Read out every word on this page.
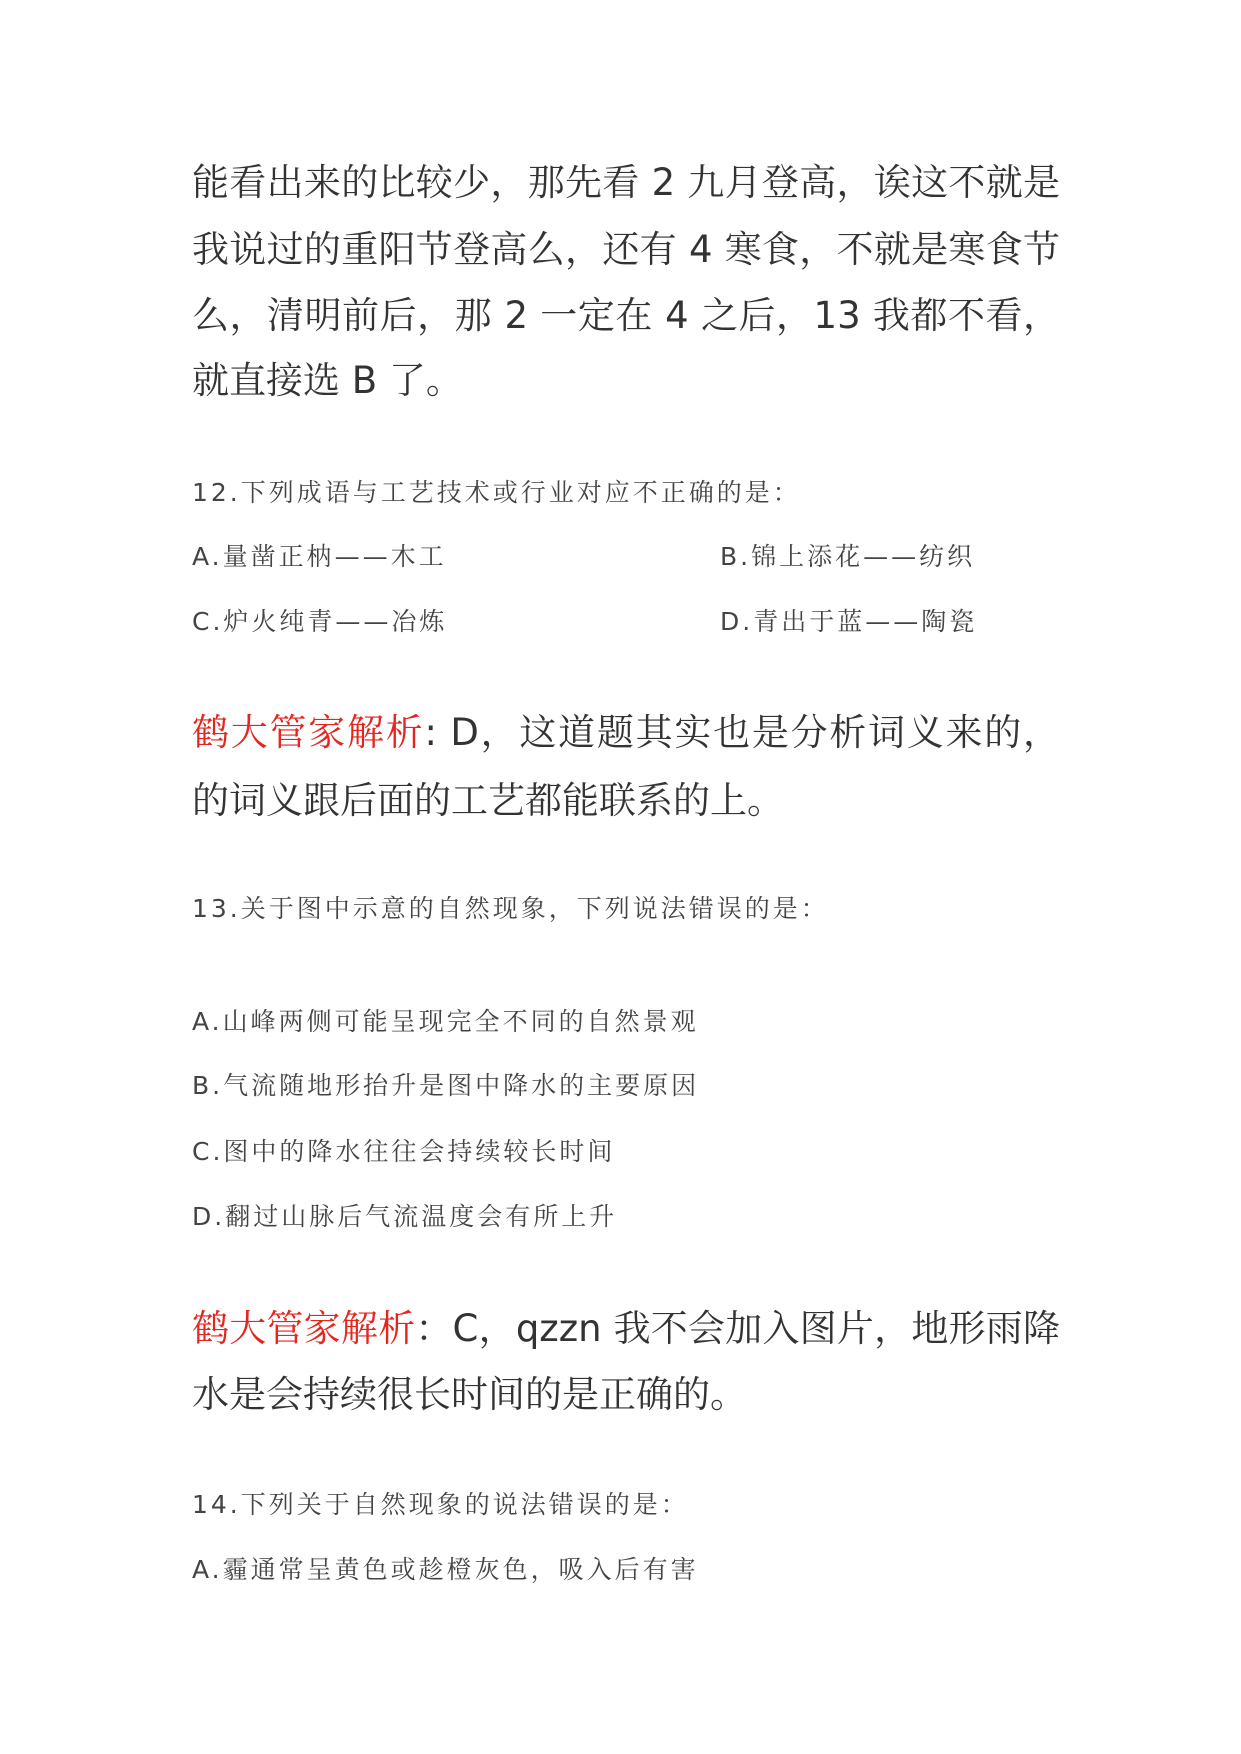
能看出来的比较少，那先看 2 九月登高，诶这不就是
我说过的重阳节登高么，还有 4 寒食，不就是寒食节
么，清明前后，那 2 一定在 4 之后，13 我都不看，
就直接选 B 了。
12.下列成语与工艺技术或行业对应不正确的是：
A.量凿正枘——木工	B.锦上添花——纺织
C.炉火纯青——冶炼	D.青出于蓝——陶瓷
鹤大管家解析: D，这道题其实也是分析词义来的，
的词义跟后面的工艺都能联系的上。
13.关于图中示意的自然现象，下列说法错误的是：
A.山峰两侧可能呈现完全不同的自然景观
B.气流随地形抬升是图中降水的主要原因
C.图中的降水往往会持续较长时间
D.翻过山脉后气流温度会有所上升
鹤大管家解析：C，qzzn 我不会加入图片，地形雨降
水是会持续很长时间的是正确的。
14.下列关于自然现象的说法错误的是：
A.霾通常呈黄色或趁橙灰色，吸入后有害
